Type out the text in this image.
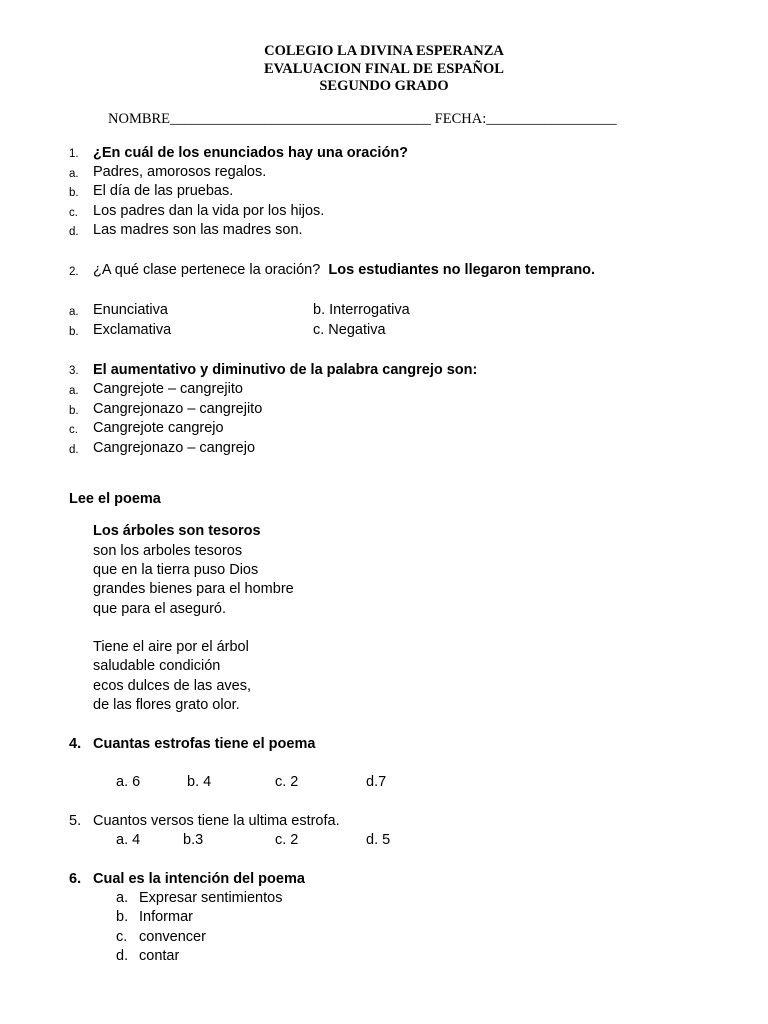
COLEGIO LA DIVINA ESPERANZA
EVALUACION FINAL DE ESPAÑOL
SEGUNDO GRADO
NOMBRE____________________________________ FECHA:__________________
1. ¿En cuál de los enunciados hay una oración?
a. Padres, amorosos regalos.
b. El día de las pruebas.
c. Los padres dan la vida por los hijos.
d. Las madres son las madres son.
2. ¿A qué clase pertenece la oración? Los estudiantes no llegaron temprano.
a. Enunciativa	b. Interrogativa
b. Exclamativa	c. Negativa
3. El aumentativo y diminutivo de la palabra cangrejo son:
a. Cangrejote – cangrejito
b. Cangrejonazo – cangrejito
c. Cangrejote cangrejo
d. Cangrejonazo – cangrejo
Lee el poema
Los árboles son tesoros
son los arboles tesoros
que en la tierra puso Dios
grandes bienes para el hombre
que para el aseguró.
Tiene el aire por el árbol
saludable condición
ecos dulces de las aves,
de las flores grato olor.
4. Cuantas estrofas tiene el poema
a. 6	b. 4	c. 2	d.7
5. Cuantos versos tiene la ultima estrofa.
a. 4	b.3	c. 2	d. 5
6. Cual es la intención del poema
a. Expresar sentimientos
b. Informar
c. convencer
d. contar
